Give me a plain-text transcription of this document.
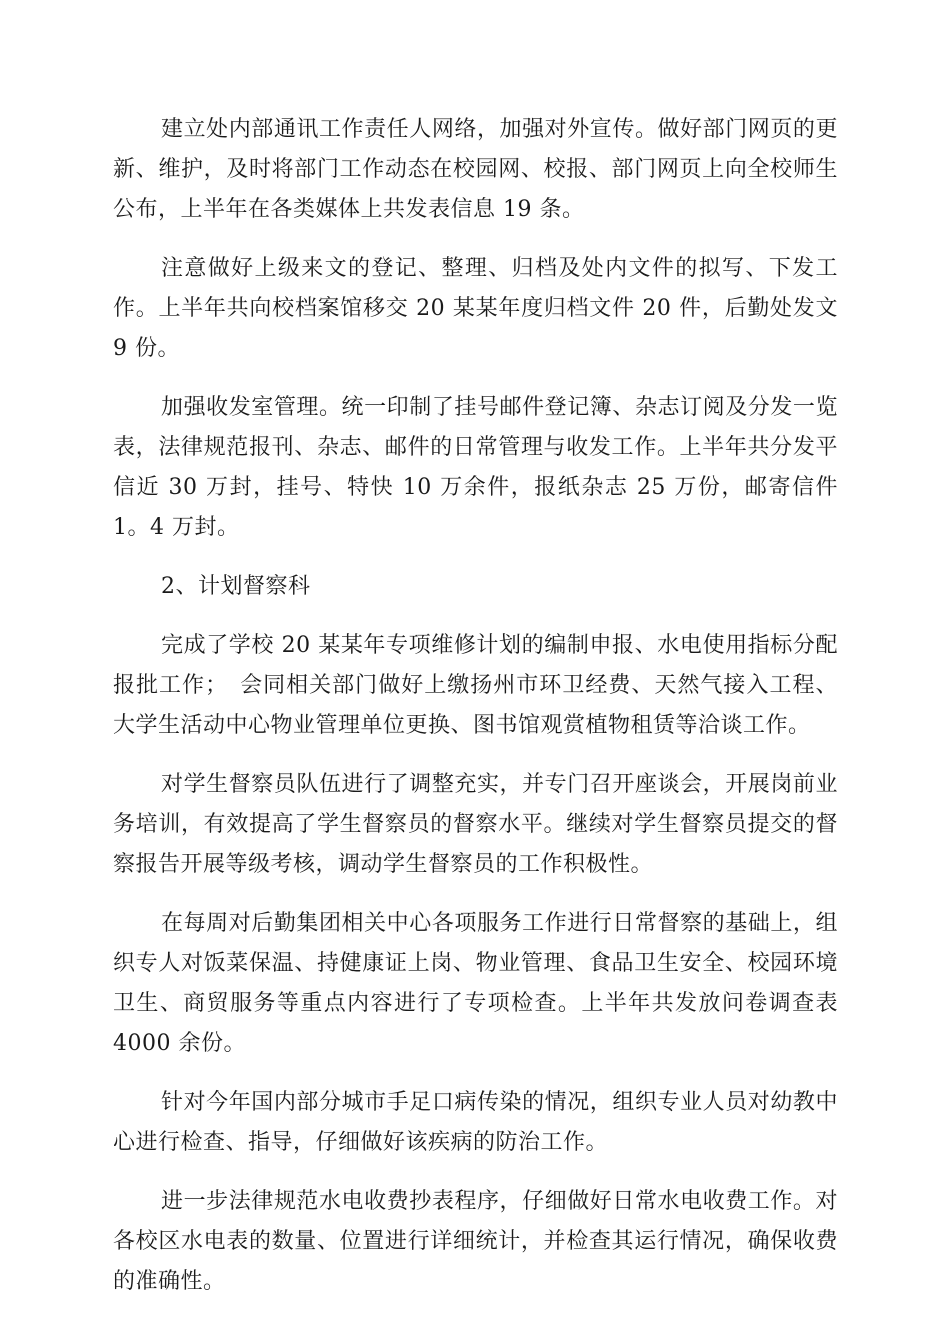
建立处内部通讯工作责任人网络，加强对外宣传。做好部门网页的更新、维护，及时将部门工作动态在校园网、校报、部门网页上向全校师生公布，上半年在各类媒体上共发表信息 19 条。

注意做好上级来文的登记、整理、归档及处内文件的拟写、下发工作。上半年共向校档案馆移交 20 某某年度归档文件 20 件，后勤处发文 9 份。

加强收发室管理。统一印制了挂号邮件登记簿、杂志订阅及分发一览表，法律规范报刊、杂志、邮件的日常管理与收发工作。上半年共分发平信近 30 万封，挂号、特快 10 万余件，报纸杂志 25 万份，邮寄信件 1。4 万封。

2、计划督察科

完成了学校 20 某某年专项维修计划的编制申报、水电使用指标分配报批工作；　会同相关部门做好上缴扬州市环卫经费、天然气接入工程、大学生活动中心物业管理单位更换、图书馆观赏植物租赁等洽谈工作。

对学生督察员队伍进行了调整充实，并专门召开座谈会，开展岗前业务培训，有效提高了学生督察员的督察水平。继续对学生督察员提交的督察报告开展等级考核，调动学生督察员的工作积极性。

在每周对后勤集团相关中心各项服务工作进行日常督察的基础上，组织专人对饭菜保温、持健康证上岗、物业管理、食品卫生安全、校园环境卫生、商贸服务等重点内容进行了专项检查。上半年共发放问卷调查表 4000 余份。

针对今年国内部分城市手足口病传染的情况，组织专业人员对幼教中心进行检查、指导，仔细做好该疾病的防治工作。

进一步法律规范水电收费抄表程序，仔细做好日常水电收费工作。对各校区水电表的数量、位置进行详细统计，并检查其运行情况，确保收费的准确性。
